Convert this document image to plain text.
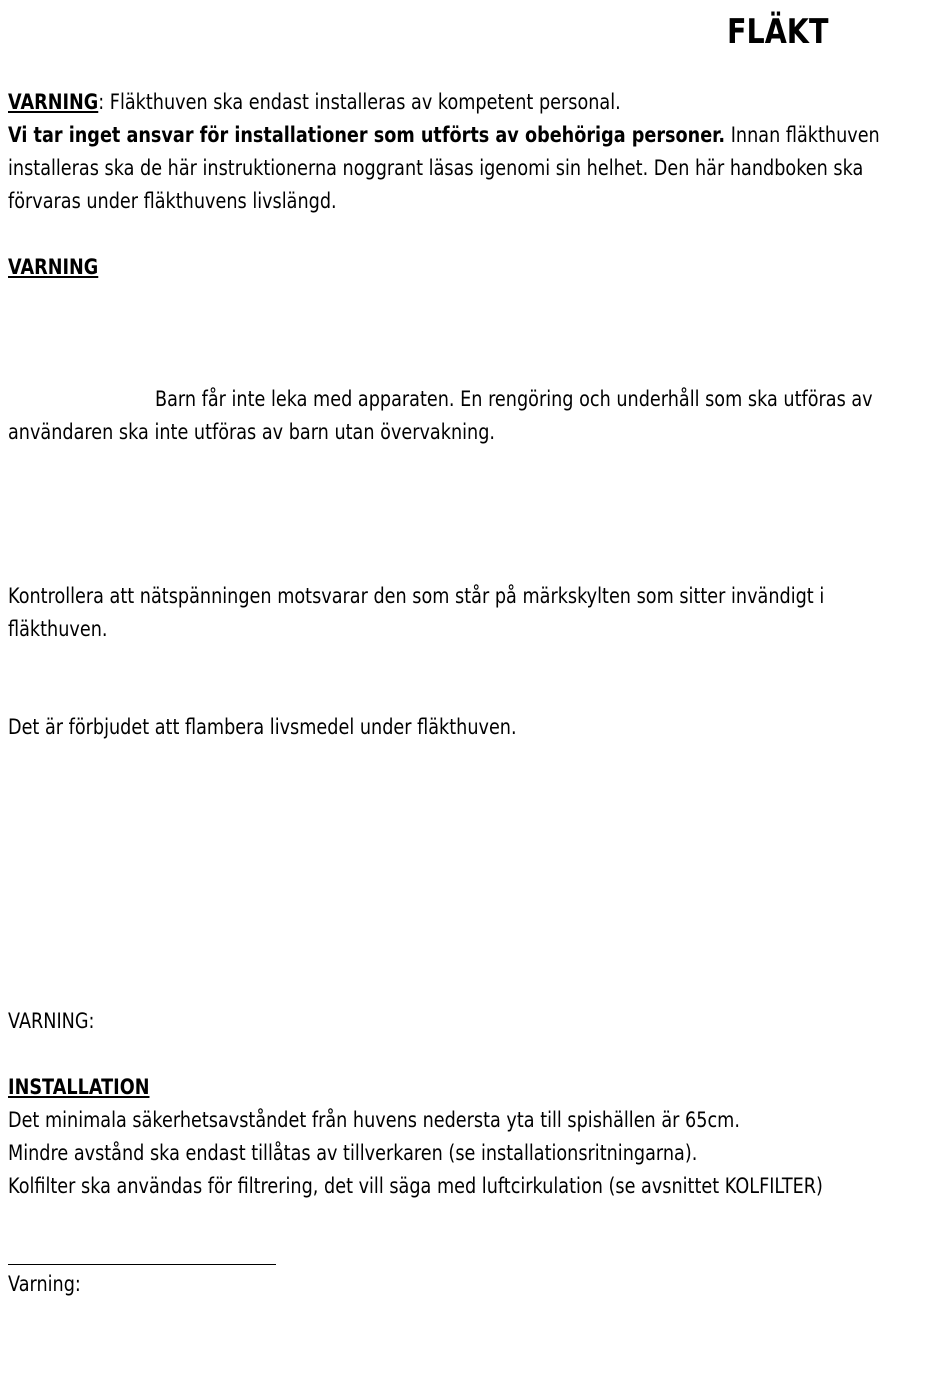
FLÄKT
VARNING: Fläkthuven ska endast installeras av kompetent personal.
Vi tar inget ansvar för installationer som utförts av obehöriga personer. Innan fläkthuven
installeras ska de här instruktionerna noggrant läsas igenomi sin helhet. Den här handboken ska
förvaras under fläkthuvens livslängd.
VARNING
Barn får inte leka med apparaten. En rengöring och underhåll som ska utföras av
användaren ska inte utföras av barn utan övervakning.
Kontrollera att nätspänningen motsvarar den som står på märkskylten som sitter invändigt i
fläkthuven.
Det är förbjudet att flambera livsmedel under fläkthuven.
VARNING:
INSTALLATION
Det minimala säkerhetsavståndet från huvens nedersta yta till spishällen är 65cm.
Mindre avstånd ska endast tillåtas av tillverkaren (se installationsritningarna).
Kolfilter ska användas för filtrering, det vill säga med luftcirkulation (se avsnittet KOLFILTER)
Varning:
